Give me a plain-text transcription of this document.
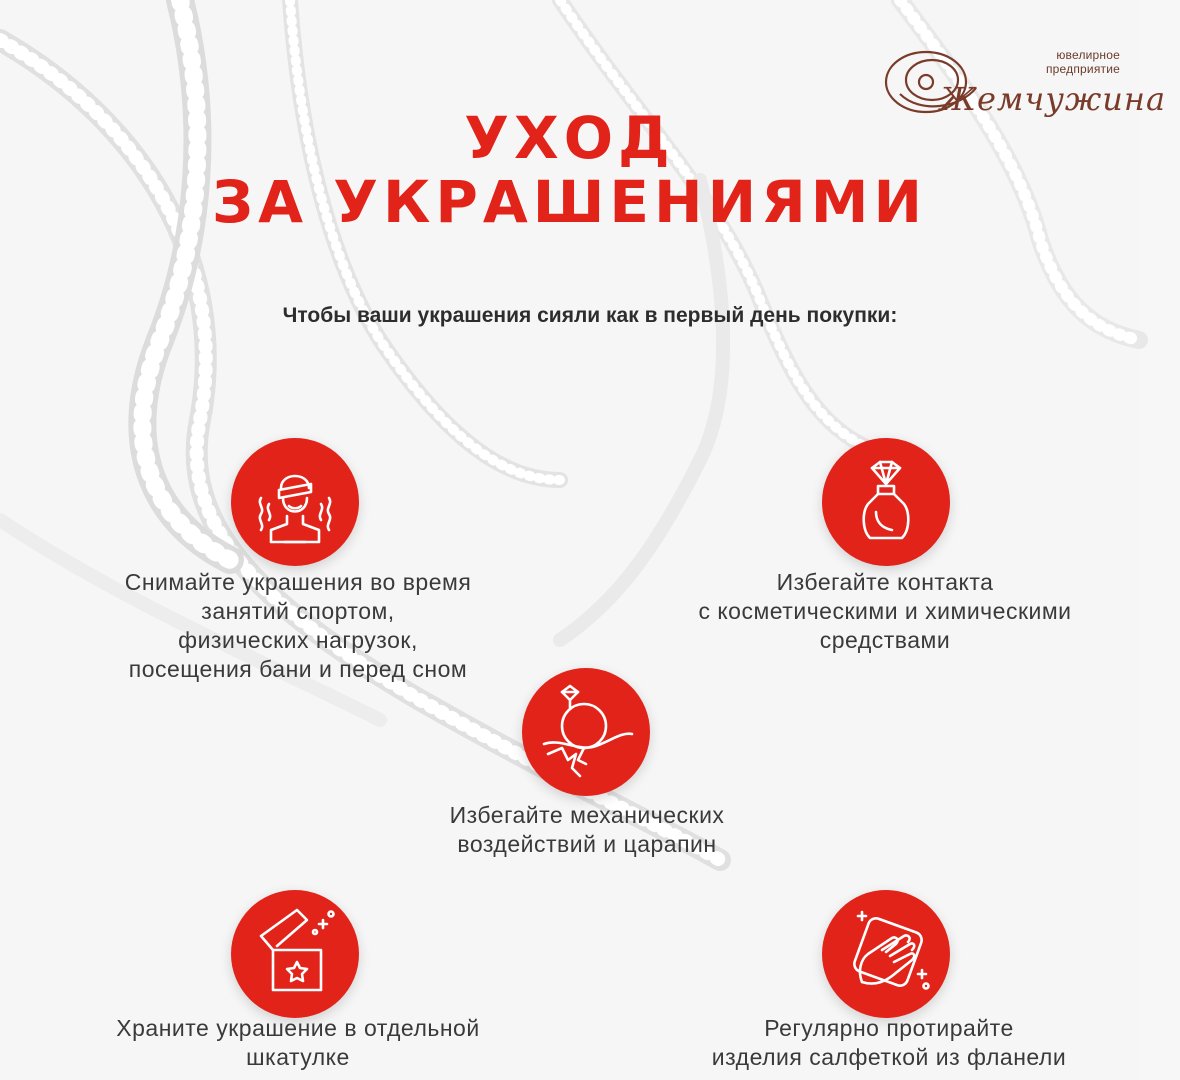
ювелирное
предприятие
Жемчужина
УХОД
ЗА УКРАШЕНИЯМИ
Чтобы ваши украшения сияли как в первый день покупки:
Снимайте украшения во время
занятий спортом,
физических нагрузок,
посещения бани и перед сном
Избегайте контакта
с косметическими и химическими
средствами
Избегайте механических
воздействий и царапин
Храните украшение в отдельной
шкатулке
Регулярно протирайте
изделия салфеткой из фланели
